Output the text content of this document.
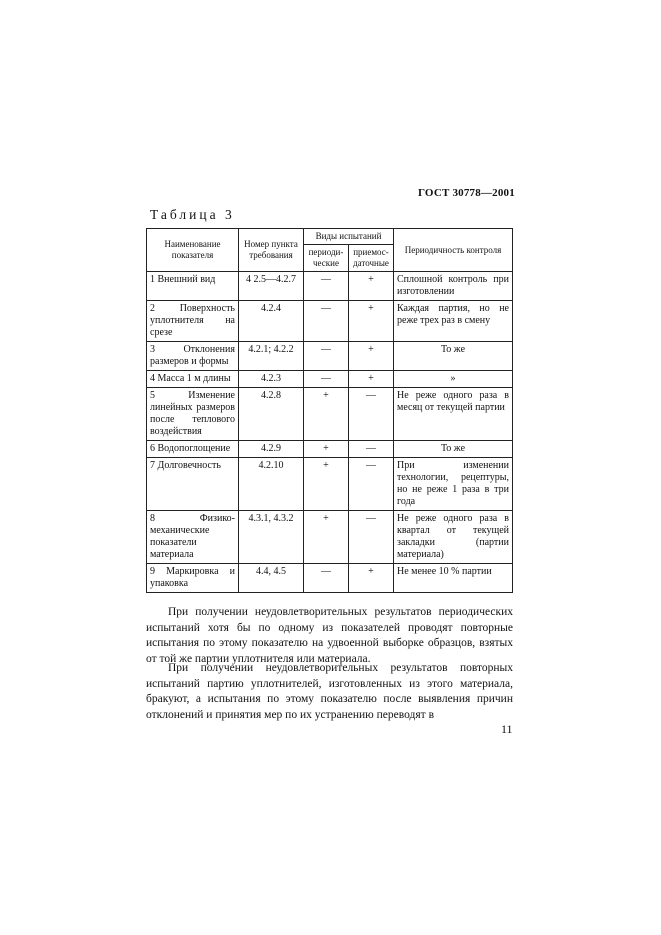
ГОСТ 30778—2001
Таблица 3
Наименование показателя	Номер пункта требования	Виды испытаний		Периодичность контроля
		периоди-ческие	приемос-даточные	
1 Внешний вид	4 2.5—4.2.7	—	+	Сплошной контроль при изготовлении
2 Поверхность уплотнителя на срезе	4.2.4	—	+	Каждая партия, но не реже трех раз в смену
3 Отклонения размеров и формы	4.2.1; 4.2.2	—	+	То же
4 Масса 1 м длины	4.2.3	—	+	»
5 Изменение линейных размеров после теплового воздействия	4.2.8	+	—	Не реже одного раза в месяц от текущей партии
6 Водопоглощение	4.2.9	+	—	То же
7 Долговечность	4.2.10	+	—	При изменении технологии, рецептуры, но не реже 1 раза в три года
8 Физико-механические показатели материала	4.3.1, 4.3.2	+	—	Не реже одного раза в квартал от текущей закладки (партии материала)
9 Маркировка и упаковка	4.4, 4.5	—	+	Не менее 10 % партии

При получении неудовлетворительных результатов периодических испытаний хотя бы по одному из показателей проводят повторные испытания по этому показателю на удвоенной выборке образцов, взятых от той же партии уплотнителя или материала.

При получении неудовлетворительных результатов повторных испытаний партию уплотнителей, изготовленных из этого материала, бракуют, а испытания по этому показателю после выявления причин отклонений и принятия мер по их устранению переводят в

11
